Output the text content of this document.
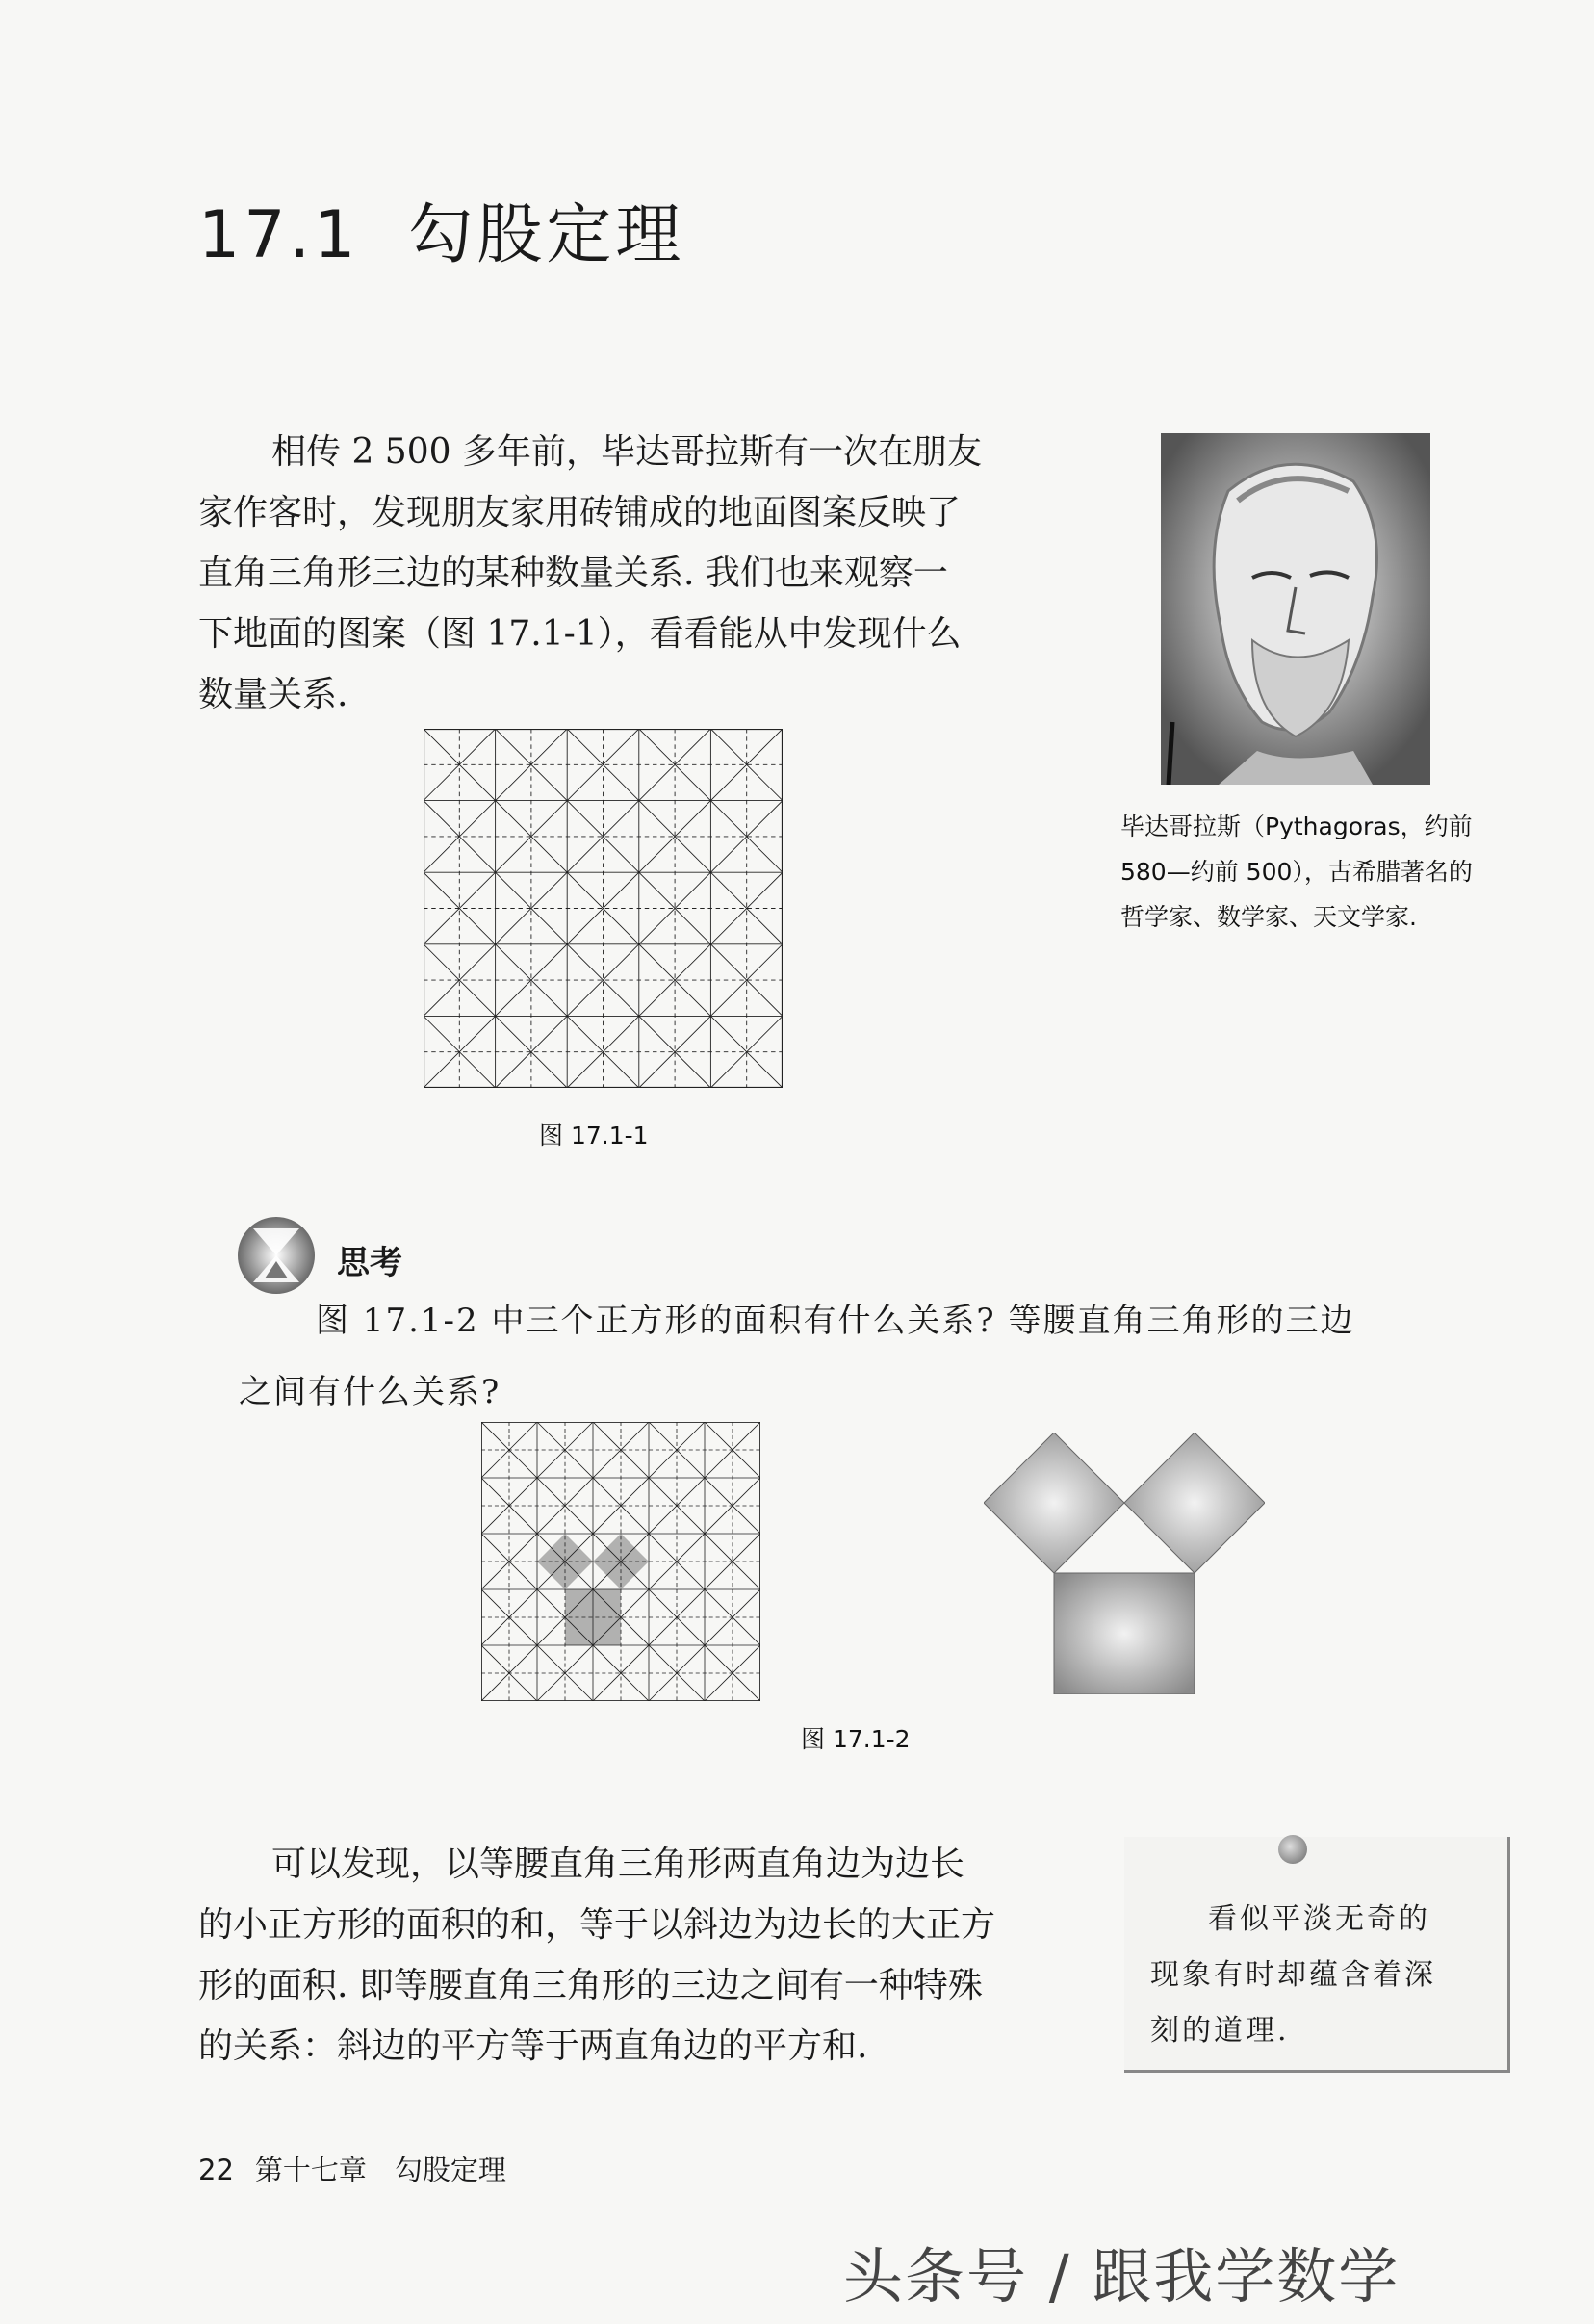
17.1 勾股定理

相传 2 500 多年前，毕达哥拉斯有一次在朋友

家作客时，发现朋友家用砖铺成的地面图案反映了

直角三角形三边的某种数量关系. 我们也来观察一

下地面的图案（图 17.1-1），看看能从中发现什么

数量关系.

毕达哥拉斯（Pythagoras，约前
580—约前 500），古希腊著名的
哲学家、数学家、天文学家.
图 17.1-1
思考

图 17.1-2 中三个正方形的面积有什么关系? 等腰直角三角形的三边

之间有什么关系?

图 17.1-2

可以发现，以等腰直角三角形两直角边为边长

的小正方形的面积的和，等于以斜边为边长的大正方

形的面积. 即等腰直角三角形的三边之间有一种特殊

的关系：斜边的平方等于两直角边的平方和.

看似平淡无奇的

现象有时却蕴含着深

刻的道理.

22 第十七章　勾股定理
头条号 / 跟我学数学
